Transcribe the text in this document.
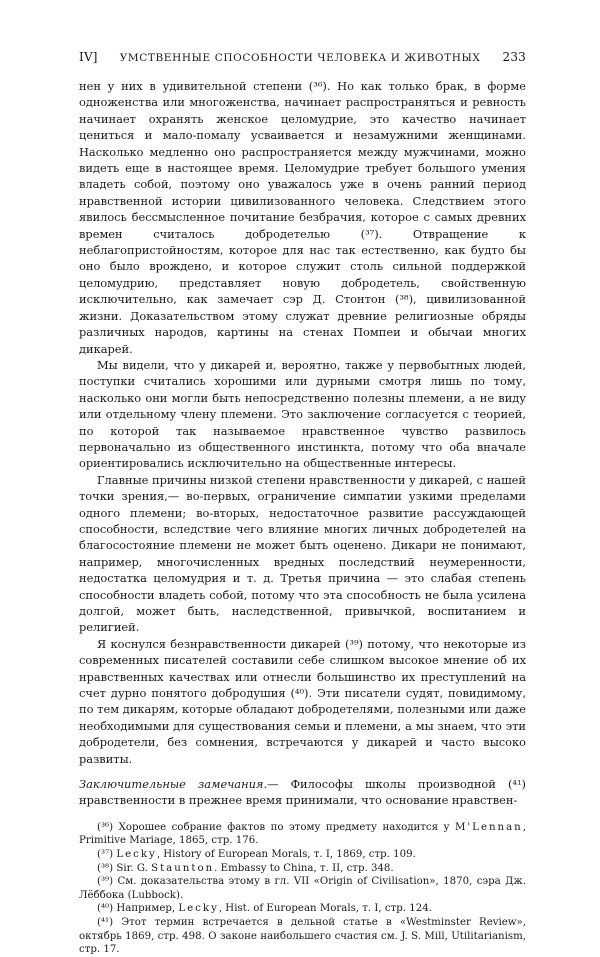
IV] УМСТВЕННЫЕ СПОСОБНОСТИ ЧЕЛОВЕКА И ЖИВОТНЫХ 233

нен у них в удивительной степени (³⁶). Но как только брак, в форме одноженства или многоженства, начинает распространяться и ревность начинает охранять женское целомудрие, это качество начинает цениться и мало-помалу усваивается и незамужними женщинами. Насколько медленно оно распространяется между мужчинами, можно видеть еще в настоящее время. Целомудрие требует большого умения владеть собой, поэтому оно уважалось уже в очень ранний период нравственной истории цивилизованного человека. Следствием этого явилось бессмысленное почитание безбрачия, которое с самых древних времен считалось добродетелью (³⁷). Отвращение к неблагопристойностям, которое для нас так естественно, как будто бы оно было врождено, и которое служит столь сильной поддержкой целомудрию, представляет новую добродетель, свойственную исключительно, как замечает сэр Д. Стонтон (³⁸), цивилизованной жизни. Доказательством этому служат древние религиозные обряды различных народов, картины на стенах Помпеи и обычаи многих дикарей.

Мы видели, что у дикарей и, вероятно, также у первобытных людей, поступки считались хорошими или дурными смотря лишь по тому, насколько они могли быть непосредственно полезны племени, а не виду или отдельному члену племени. Это заключение согласуется с теорией, по которой так называемое нравственное чувство развилось первоначально из общественного инстинкта, потому что оба вначале ориентировались исключительно на общественные интересы.

Главные причины низкой степени нравственности у дикарей, с нашей точки зрения,— во-первых, ограничение симпатии узкими пределами одного племени; во-вторых, недостаточное развитие рассуждающей способности, вследствие чего влияние многих личных добродетелей на благосостояние племени не может быть оценено. Дикари не понимают, например, многочисленных вредных последствий неумеренности, недостатка целомудрия и т. д. Третья причина — это слабая степень способности владеть собой, потому что эта способность не была усилена долгой, может быть, наследственной, привычкой, воспитанием и религией.

Я коснулся безнравственности дикарей (³⁹) потому, что некоторые из современных писателей составили себе слишком высокое мнение об их нравственных качествах или отнесли большинство их преступлений на счет дурно понятого добродушия (⁴⁰). Эти писатели судят, повидимому, по тем дикарям, которые обладают добродетелями, полезными или даже необходимыми для существования семьи и племени, а мы знаем, что эти добродетели, без сомнения, встречаются у дикарей и часто высоко развиты.

Заключительные замечания.— Философы школы производной (⁴¹) нравственности в прежнее время принимали, что основание нравствен-

(³⁶) Хорошее собрание фактов по этому предмету находится у M'Lennan, Primitive Mariage, 1865, стр. 176.

(³⁷) Lecky, History of European Morals, т. I, 1869, стр. 109.

(³⁸) Sir. G. Staunton. Embassy to China, т. II, стр. 348.

(³⁹) См. доказательства этому в гл. VII «Origin of Civilisation», 1870, сэра Дж. Лёббока (Lubbock).

(⁴⁰) Например, Lecky, Hist. of European Morals, т. I, стр. 124.

(⁴¹) Этот термин встречается в дельной статье в «Westminster Review», октябрь 1869, стр. 498. О законе наибольшего счастия см. J. S. Mill, Utilitarianism, стр. 17.
